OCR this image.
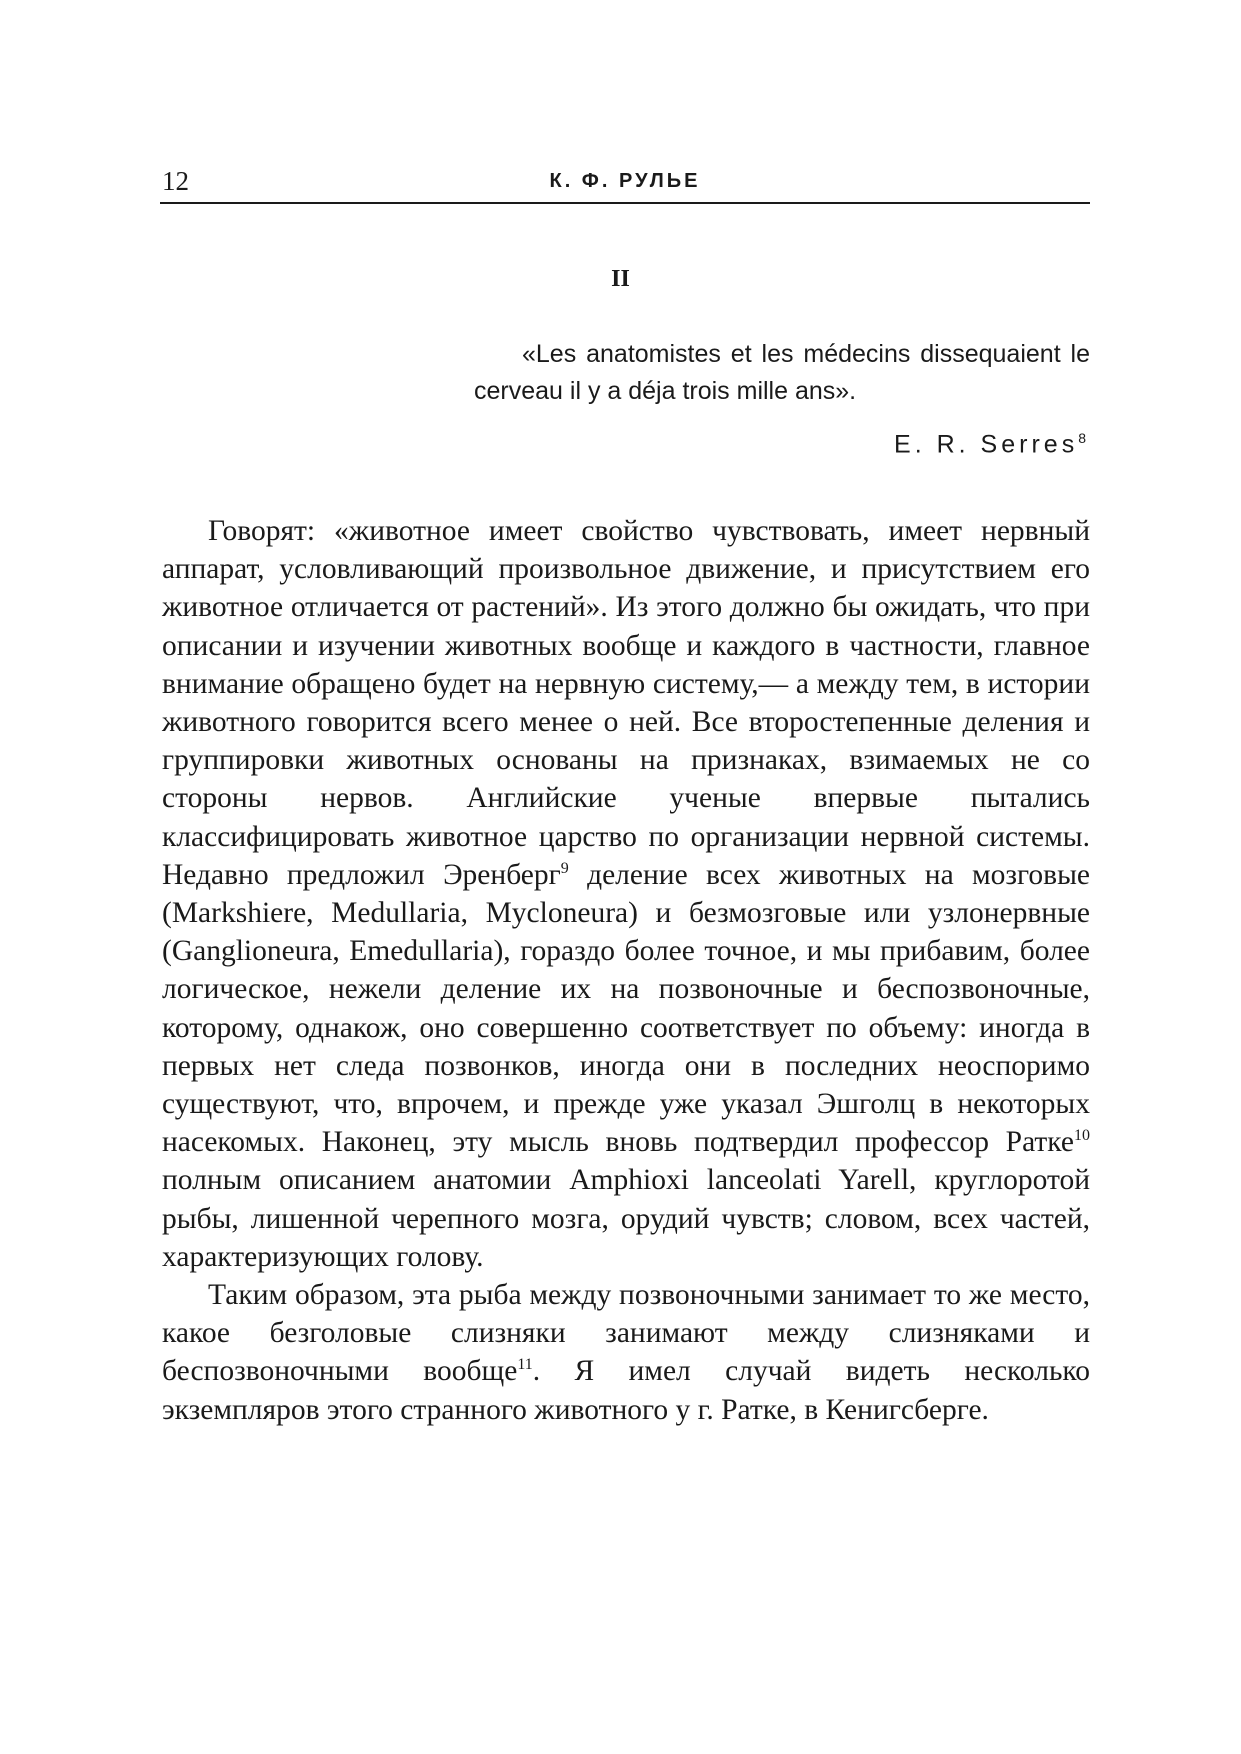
12	К. Ф. РУЛЬЕ
II
«Les anatomistes et les médecins dissequaient le cerveau il y a déja trois mille ans».
E. R. Serres$^8$

Говорят: «животное имеет свойство чувствовать, имеет нервный аппарат, условливающий произвольное движение, и присутствием его животное отличается от растений». Из этого должно бы ожидать, что при описании и изучении животных вообще и каждого в частности, главное внимание обращено будет на нервную систему,— а между тем, в истории животного говорится всего менее о ней. Все второстепенные деления и группировки животных основаны на признаках, взимаемых не со стороны нервов. Английские ученые впервые пытались классифицировать животное царство по организации нервной системы. Недавно предложил Эренберг$^9$ деление всех животных на мозговые (Markshiere, Medullaria, Mycloneura) и безмозговые или узлонервные (Ganglioneura, Emedullaria), гораздо более точное, и мы прибавим, более логическое, нежели деление их на позвоночные и беспозвоночные, которому, однакож, оно совершенно соответствует по объему: иногда в первых нет следа позвонков, иногда они в последних неоспоримо существуют, что, впрочем, и прежде уже указал Эшголц в некоторых насекомых. Наконец, эту мысль вновь подтвердил профессор Ратке$^{10}$ полным описанием анатомии Amphioxi lanceolati Yarell, круглоротой рыбы, лишенной черепного мозга, орудий чувств; словом, всех частей, характеризующих голову.

Таким образом, эта рыба между позвоночными занимает то же место, какое безголовые слизняки занимают между слизняками и беспозвоночными вообще$^{11}$. Я имел случай видеть несколько экземпляров этого странного животного у г. Ратке, в Кенигсберге.
